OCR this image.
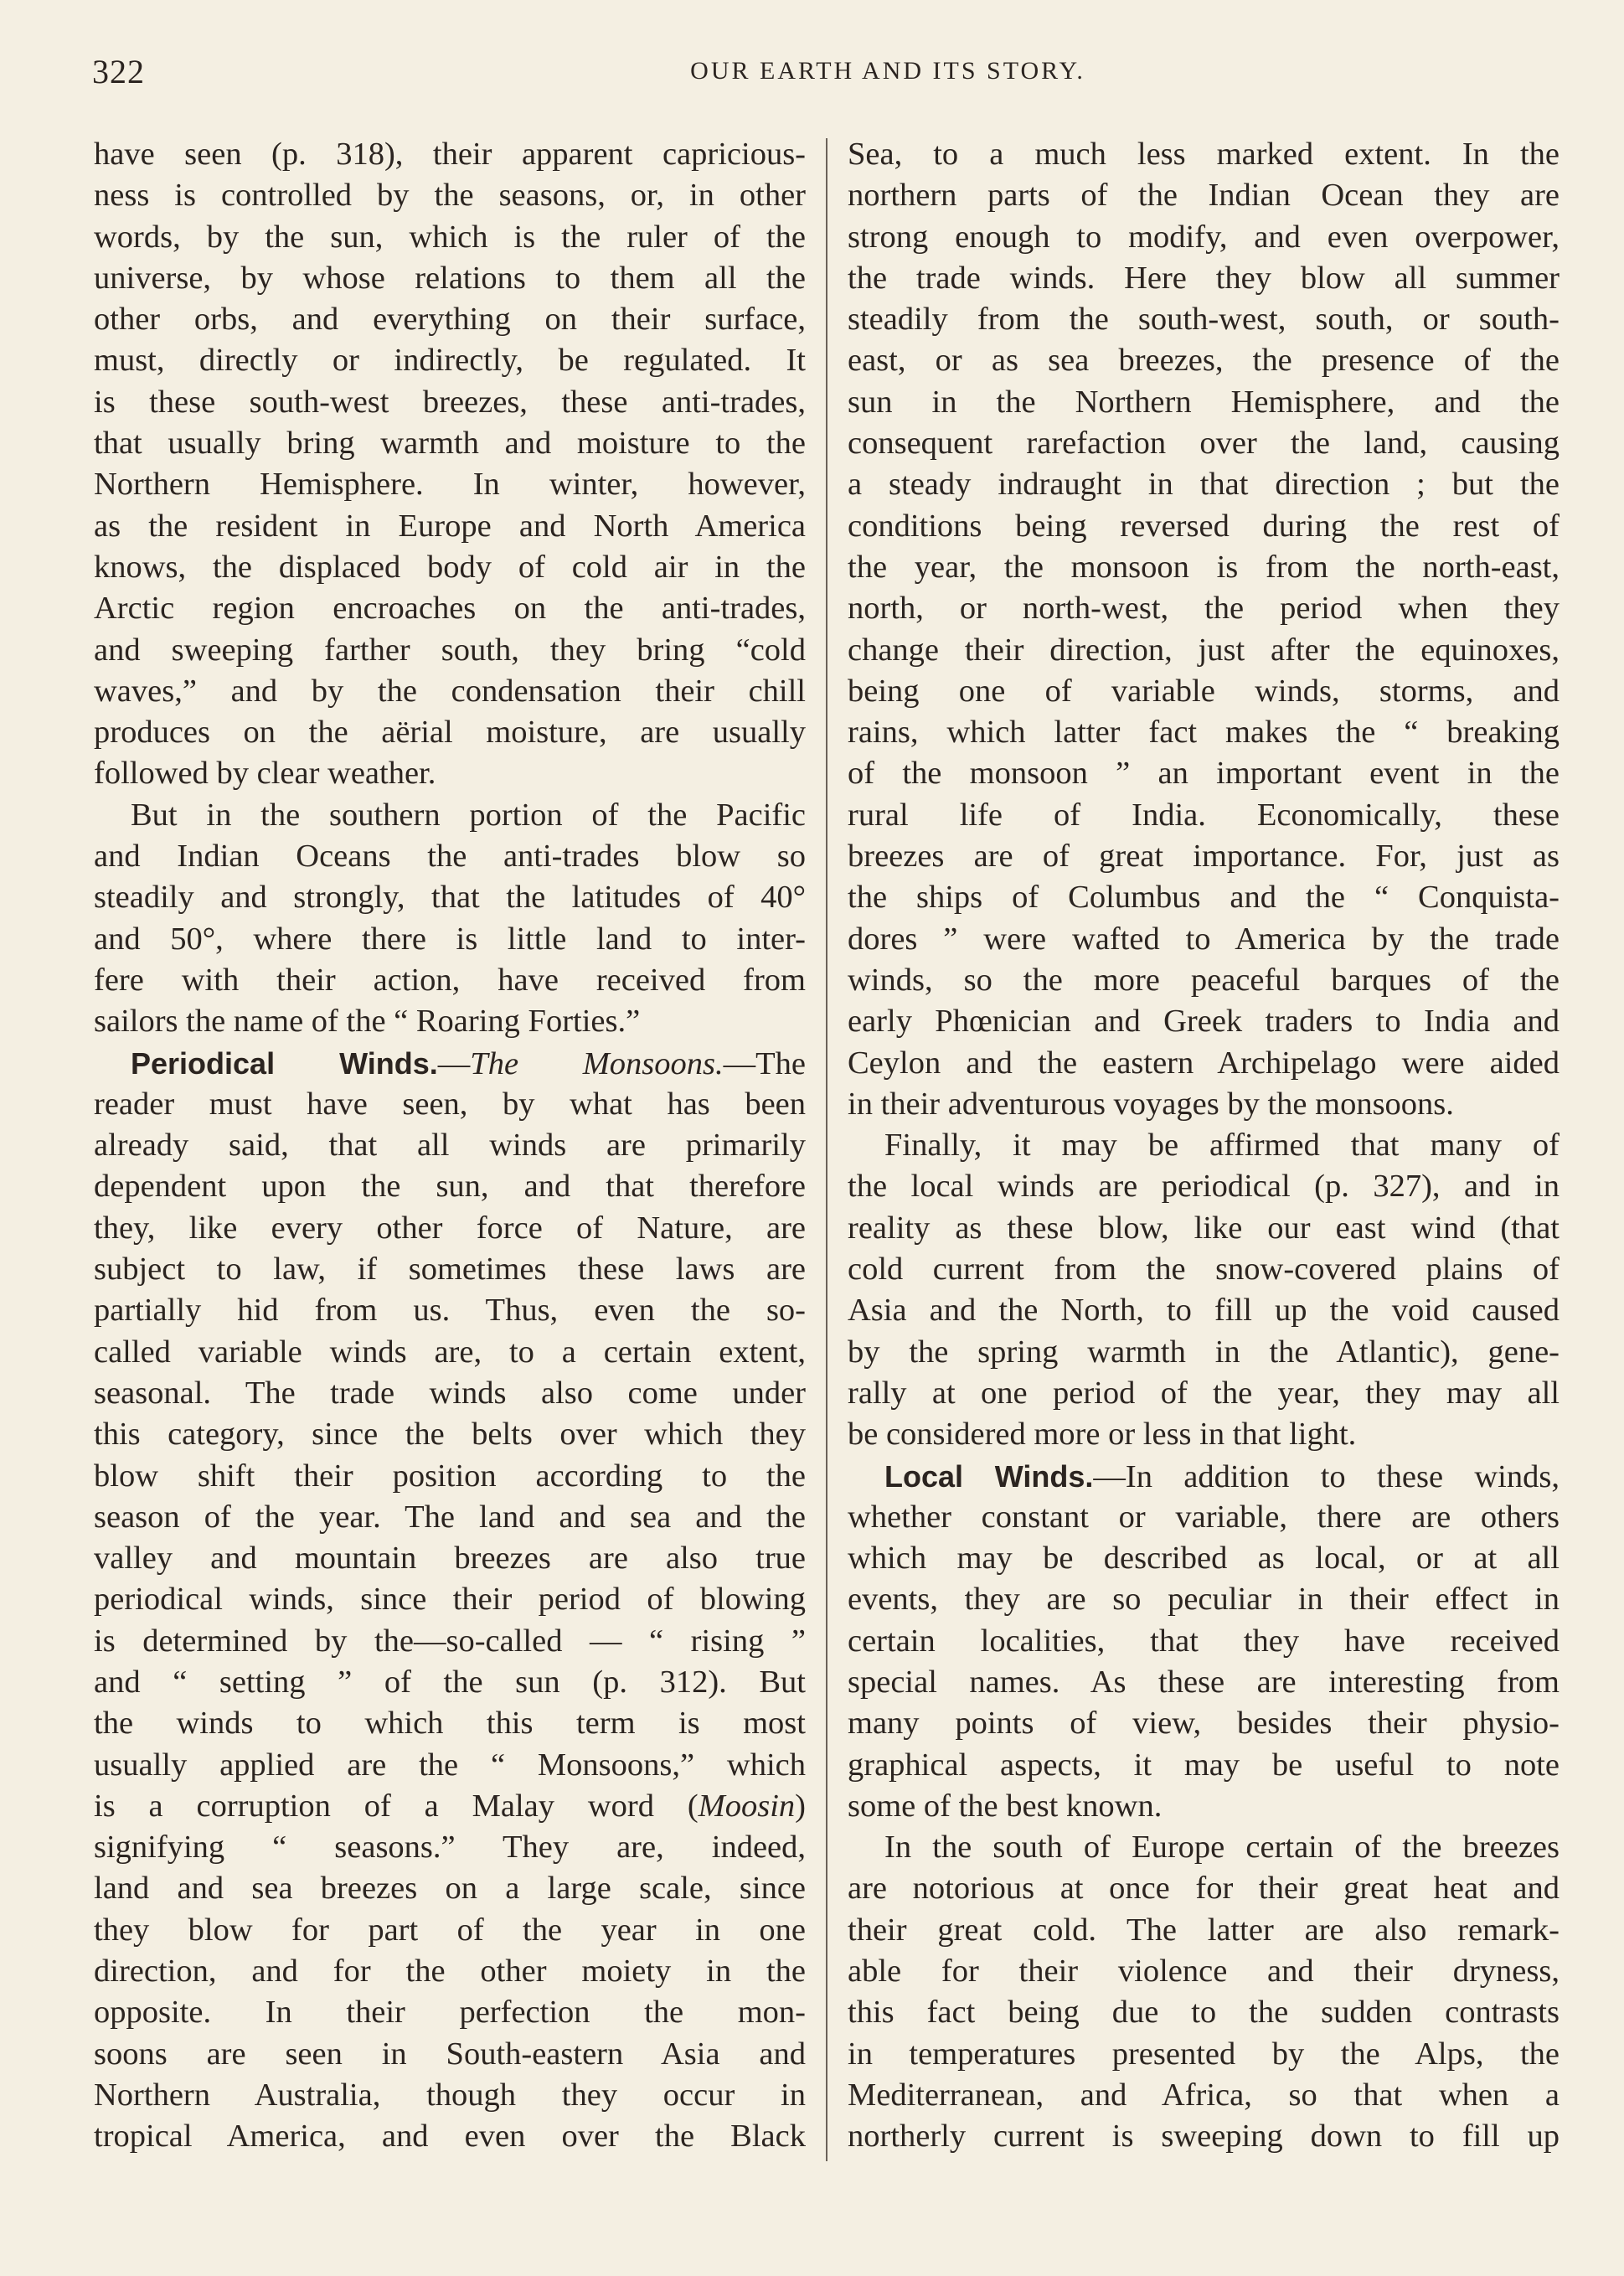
322	OUR EARTH AND ITS STORY.

have seen (p. 318), their apparent capricious-
ness is controlled by the seasons, or, in other
words, by the sun, which is the ruler of the
universe, by whose relations to them all the
other orbs, and everything on their surface,
must, directly or indirectly, be regulated. It
is these south-west breezes, these anti-trades,
that usually bring warmth and moisture to the
Northern Hemisphere. In winter, however,
as the resident in Europe and North America
knows, the displaced body of cold air in the
Arctic region encroaches on the anti-trades,
and sweeping farther south, they bring “cold
waves,” and by the condensation their chill
produces on the aërial moisture, are usually
followed by clear weather.

But in the southern portion of the Pacific
and Indian Oceans the anti-trades blow so
steadily and strongly, that the latitudes of 40°
and 50°, where there is little land to inter-
fere with their action, have received from
sailors the name of the “ Roaring Forties.”

Periodical Winds.—The Monsoons.—The
reader must have seen, by what has been
already said, that all winds are primarily
dependent upon the sun, and that therefore
they, like every other force of Nature, are
subject to law, if sometimes these laws are
partially hid from us. Thus, even the so-
called variable winds are, to a certain extent,
seasonal. The trade winds also come under
this category, since the belts over which they
blow shift their position according to the
season of the year. The land and sea and the
valley and mountain breezes are also true
periodical winds, since their period of blowing
is determined by the—so-called — “ rising ”
and “ setting ” of the sun (p. 312). But
the winds to which this term is most
usually applied are the “ Monsoons,” which
is a corruption of a Malay word (Moosin)
signifying “ seasons.” They are, indeed,
land and sea breezes on a large scale, since
they blow for part of the year in one
direction, and for the other moiety in the
opposite. In their perfection the mon-
soons are seen in South-eastern Asia and
Northern Australia, though they occur in
tropical America, and even over the Black

Sea, to a much less marked extent. In the
northern parts of the Indian Ocean they are
strong enough to modify, and even overpower,
the trade winds. Here they blow all summer
steadily from the south-west, south, or south-
east, or as sea breezes, the presence of the
sun in the Northern Hemisphere, and the
consequent rarefaction over the land, causing
a steady indraught in that direction ; but the
conditions being reversed during the rest of
the year, the monsoon is from the north-east,
north, or north-west, the period when they
change their direction, just after the equinoxes,
being one of variable winds, storms, and
rains, which latter fact makes the “ breaking
of the monsoon ” an important event in the
rural life of India. Economically, these
breezes are of great importance. For, just as
the ships of Columbus and the “ Conquista-
dores ” were wafted to America by the trade
winds, so the more peaceful barques of the
early Phœnician and Greek traders to India and
Ceylon and the eastern Archipelago were aided
in their adventurous voyages by the monsoons.

Finally, it may be affirmed that many of
the local winds are periodical (p. 327), and in
reality as these blow, like our east wind (that
cold current from the snow-covered plains of
Asia and the North, to fill up the void caused
by the spring warmth in the Atlantic), gene-
rally at one period of the year, they may all
be considered more or less in that light.

Local Winds.—In addition to these winds,
whether constant or variable, there are others
which may be described as local, or at all
events, they are so peculiar in their effect in
certain localities, that they have received
special names. As these are interesting from
many points of view, besides their physio-
graphical aspects, it may be useful to note
some of the best known.

In the south of Europe certain of the breezes
are notorious at once for their great heat and
their great cold. The latter are also remark-
able for their violence and their dryness,
this fact being due to the sudden contrasts
in temperatures presented by the Alps, the
Mediterranean, and Africa, so that when a
northerly current is sweeping down to fill up
